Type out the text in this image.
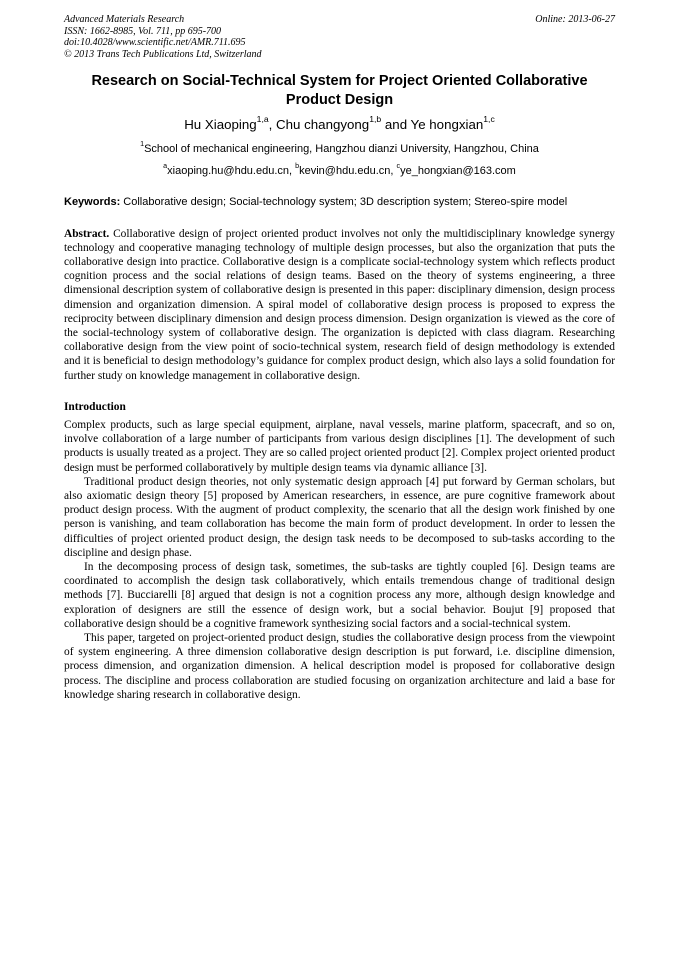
Advanced Materials Research
ISSN: 1662-8985, Vol. 711, pp 695-700
doi:10.4028/www.scientific.net/AMR.711.695
© 2013 Trans Tech Publications Ltd, Switzerland
Online: 2013-06-27
Research on Social-Technical System for Project Oriented Collaborative Product Design
Hu Xiaoping$^{1,a}$, Chu changyong$^{1,b}$ and Ye hongxian$^{1,c}$
$^1$School of mechanical engineering, Hangzhou dianzi University, Hangzhou, China
$^a$xiaoping.hu@hdu.edu.cn, $^b$kevin@hdu.edu.cn, $^c$ye_hongxian@163.com
Keywords: Collaborative design; Social-technology system; 3D description system; Stereo-spire model
Abstract. Collaborative design of project oriented product involves not only the multidisciplinary knowledge synergy technology and cooperative managing technology of multiple design processes, but also the organization that puts the collaborative design into practice. Collaborative design is a complicate social-technology system which reflects product cognition process and the social relations of design teams. Based on the theory of systems engineering, a three dimensional description system of collaborative design is presented in this paper: disciplinary dimension, design process dimension and organization dimension. A spiral model of collaborative design process is proposed to express the reciprocity between disciplinary dimension and design process dimension. Design organization is viewed as the core of the social-technology system of collaborative design. The organization is depicted with class diagram. Researching collaborative design from the view point of socio-technical system, research field of design methodology is extended and it is beneficial to design methodology’s guidance for complex product design, which also lays a solid foundation for further study on knowledge management in collaborative design.
Introduction

Complex products, such as large special equipment, airplane, naval vessels, marine platform, spacecraft, and so on, involve collaboration of a large number of participants from various design disciplines [1]. The development of such products is usually treated as a project. They are so called project oriented product [2]. Complex project oriented product design must be performed collaboratively by multiple design teams via dynamic alliance [3].

Traditional product design theories, not only systematic design approach [4] put forward by German scholars, but also axiomatic design theory [5] proposed by American researchers, in essence, are pure cognitive framework about product design process. With the augment of product complexity, the scenario that all the design work finished by one person is vanishing, and team collaboration has become the main form of product development. In order to lessen the difficulties of project oriented product design, the design task needs to be decomposed to sub-tasks according to the discipline and design phase.

In the decomposing process of design task, sometimes, the sub-tasks are tightly coupled [6]. Design teams are coordinated to accomplish the design task collaboratively, which entails tremendous change of traditional design methods [7]. Bucciarelli [8] argued that design is not a cognition process any more, although design knowledge and exploration of designers are still the essence of design work, but a social behavior. Boujut [9] proposed that collaborative design should be a cognitive framework synthesizing social factors and a social-technical system.

This paper, targeted on project-oriented product design, studies the collaborative design process from the viewpoint of system engineering. A three dimension collaborative design description is put forward, i.e. discipline dimension, process dimension, and organization dimension. A helical description model is proposed for collaborative design process. The discipline and process collaboration are studied focusing on organization architecture and laid a base for knowledge sharing research in collaborative design.
